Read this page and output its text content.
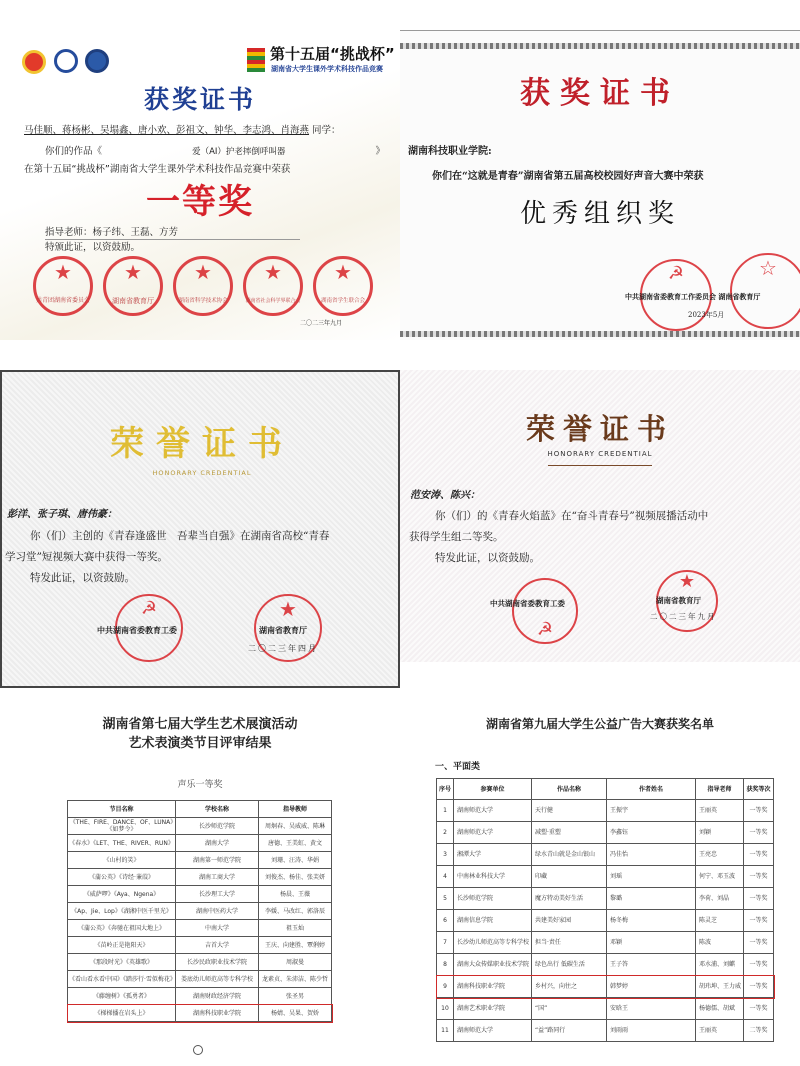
第十五届“挑战杯”
湖南省大学生课外学术科技作品竞赛
获奖证书
马佳顺、蒋杨彬、吴塌鑫、唐小欢、彭祖文、钟华、李志鸿、肖海燕 同学：
你们的作品《	爱（AI）护老摔倒呼叫器	》
在第十五届“挑战杯”湖南省大学生课外学术科技作品竞赛中荣获
一等奖
指导老师：杨子纬、王磊、方芳
特颁此证，以资鼓励。
★
共青团湖南省委员会
★
湖南省教育厅
★
湖南省科学技术协会
★
湖南省社会科学界联合会
★
湖南省学生联合会
二〇二三年九月
获奖证书
湖南科技职业学院:
你们在“这就是青春”湖南省第五届高校校园好声音大赛中荣获
优秀组织奖
☭	☆
中共湖南省委教育工作委员会 湖南省教育厅
2023年5月
荣誉证书
HONORARY CREDENTIAL
彭洋、张子琪、唐伟豪：
你（们）主创的《青春逢盛世　吾辈当自强》在湖南省高校“青春
学习堂”短视频大赛中获得一等奖。
特发此证，以资鼓励。
☭	★
中共湖南省委教育工委	湖南省教育厅
二〇二三年四月
荣誉证书
HONORARY CREDENTIAL
范安涛、陈兴：
你（们）的《青春火焰蓝》在“奋斗青春号”视频展播活动中
获得学生组二等奖。
特发此证，以资鼓励。
☭
★
中共湖南省委教育工委	湖南省教育厅
二〇二三年九月
湖南省第七届大学生艺术展演活动
艺术表演类节目评审结果
声乐一等奖
节目名称	学校名称	指导教师
《THE、FIRE、DANCE、OF、LUNA》《如梦令》	长沙师范学院	周炯春、吴威威、陈琳
《春水》《LET、THE、RIVER、RUN》	湖南大学	唐德、王美虹、黄文
《山村的笑》	湖南第一师范学院	刘珊、汪涛、华娟
《蒲公英》《诗经·蒹葭》	湖南工商大学	刘俊杰、杨佳、张芙妍
《威萨啰》《Aya、Ngena》	长沙理工大学	杨晨、王薇
《Ap、Jie、Lop》《湖湘中医千里光》	湖南中医药大学	李媛、马改红、郭洛辰
《蒲公英》《奔驰在祖国大地上》	中南大学	祖玉灿
《苗岭正是艳阳天》	吉首大学	王庆、向建胜、覃俐婷
《那段时光》《英雄歌》	长沙民政职业技术学院	周淑曼
《看山看水看中国》《踏莎行·雪似梅花》	娄底幼儿师范高等专科学校	龙素贞、朱沛洁、陈少哲
《藤缠树》《孤勇者》	湖南财政经济学院	张圣男
《梯梯播在岩头上》	湖南科技职业学院	杨婧、吴果、贺娇
湖南省第九届大学生公益广告大赛获奖名单
一、平面类
序号	参赛单位	作品名称	作者姓名	指导老师	获奖等次
1	湖南师范大学	天行健	王振宇	王丽英	一等奖
2	湖南师范大学	减塑·重塑	李鑫钰	刘颖	一等奖
3	湘潭大学	绿水青山就是金山银山	冯佳怡	王亮忠	一等奖
4	中南林业科技大学	印藏	刘瑶	何宁、邓玉波	一等奖
5	长沙师范学院	魔方特动美好生活	黎璐	李荷、刘晶	一等奖
6	湖南信息学院	共建美好家园	杨冬梅	陈灵芝	一等奖
7	长沙幼儿师范高等专科学校	担当·责任	邓颖	陈波	一等奖
8	湖南大众传媒职业技术学院	绿色出行 低碳生活	王子答	邓水浦、刘麒	一等奖
9	湖南科技职业学院	乡村兴，向往之	韩梦婷	胡玮坤、王力威	一等奖
10	湖南艺术职业学院	“国”	安晗王	杨德儒、胡斌	一等奖
11	湖南师范大学	“益”路同行	刘雨雨	王丽英	二等奖
